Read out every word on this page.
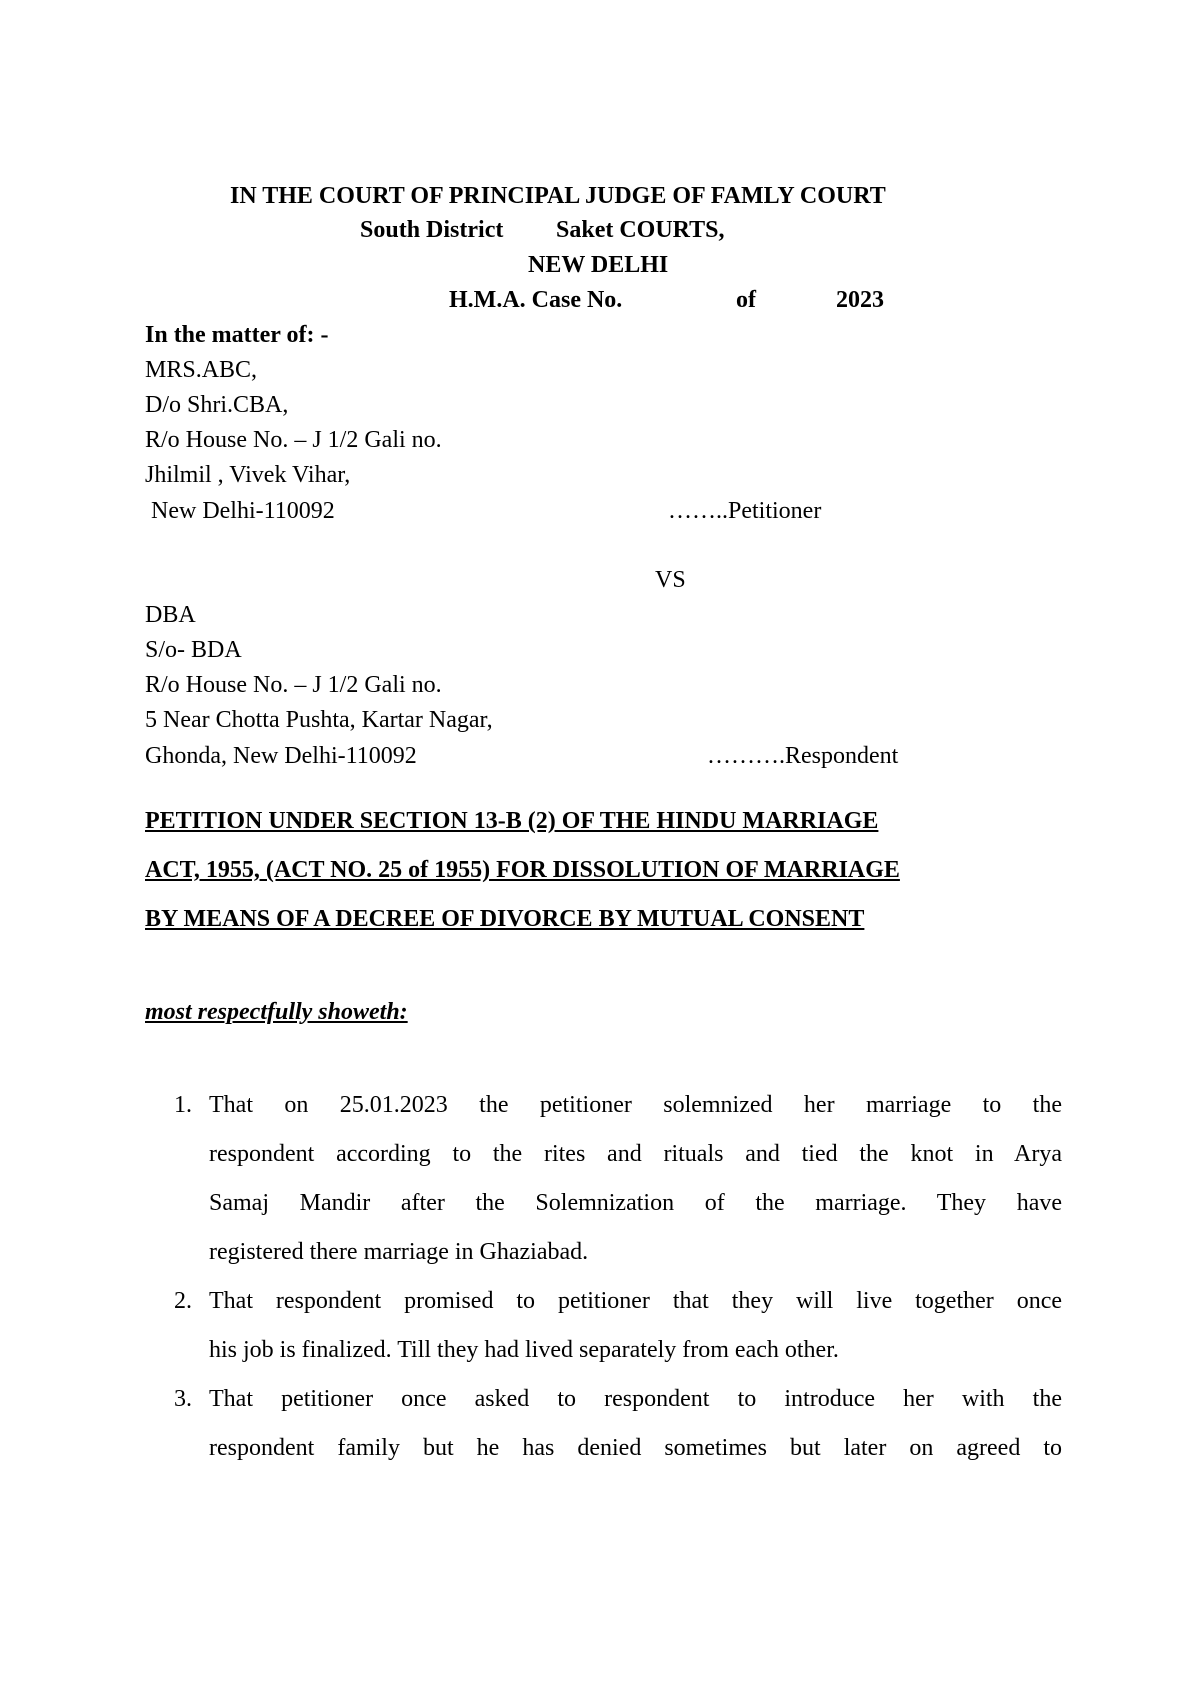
IN THE COURT OF PRINCIPAL JUDGE OF FAMLY COURT
South District Saket COURTS,
NEW DELHI
H.M.A. Case No.	of	2023
In the matter of: -
MRS.ABC,
D/o Shri.CBA,
R/o House No. – J 1/2 Gali no.
Jhilmil , Vivek Vihar,
New Delhi-110092	……..Petitioner
VS
DBA
S/o- BDA
R/o House No. – J 1/2 Gali no.
5 Near Chotta Pushta, Kartar Nagar,
Ghonda, New Delhi-110092	……….Respondent
PETITION UNDER SECTION 13-B (2) OF THE HINDU MARRIAGE
ACT, 1955, (ACT NO. 25 of 1955) FOR DISSOLUTION OF MARRIAGE
BY MEANS OF A DECREE OF DIVORCE BY MUTUAL CONSENT
most respectfully showeth:
1. That on 25.01.2023 the petitioner solemnized her marriage to the
respondent according to the rites and rituals and tied the knot in Arya
Samaj Mandir after the Solemnization of the marriage. They have
registered there marriage in Ghaziabad.
2. That respondent promised to petitioner that they will live together once
his job is finalized. Till they had lived separately from each other.
3. That petitioner once asked to respondent to introduce her with the
respondent family but he has denied sometimes but later on agreed to
